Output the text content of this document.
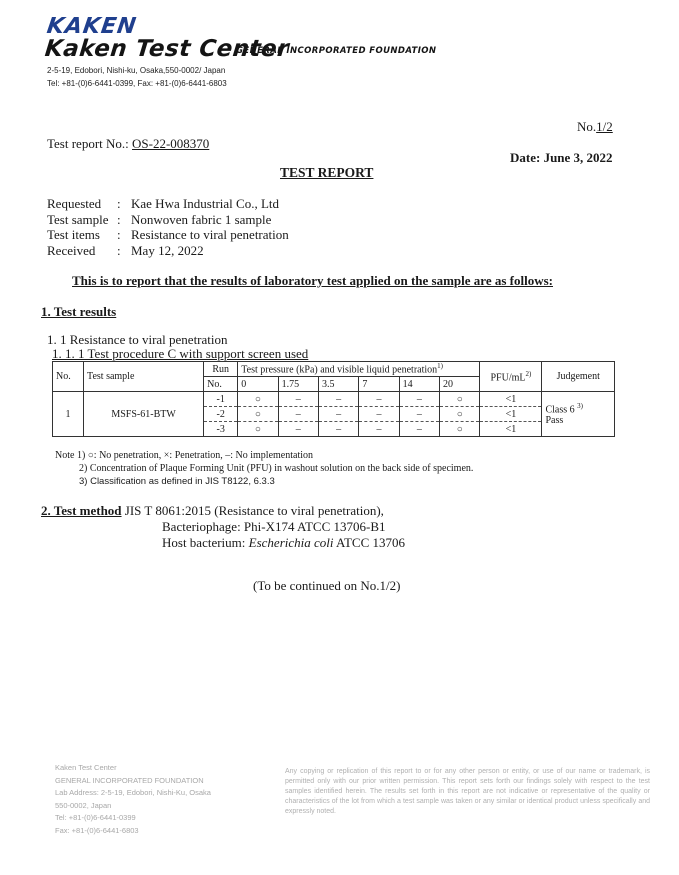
KAKEN
Kaken Test Center
GENERAL INCORPORATED FOUNDATION
2-5-19, Edobori, Nishi-ku, Osaka,550-0002/ Japan
Tel: +81-(0)6-6441-0399, Fax: +81-(0)6-6441-6803
No.1/2
Test report No.: OS-22-008370
Date: June 3, 2022
TEST REPORT
Requested	: Kae Hwa Industrial Co., Ltd
Test sample : Nonwoven fabric 1 sample
Test items	: Resistance to viral penetration
Received	: May 12, 2022
This is to report that the results of laboratory test applied on the sample are as follows:
1. Test results
1. 1 Resistance to viral penetration
1. 1. 1 Test procedure C with support screen used
No.	Test sample	Run	Test pressure (kPa) and visible liquid penetration$^{1)}$						PFU/$mL^{2)}$	Judgement
		No.	0	1.75	3.5	7	14	20		
1	MSFS-61-BTW	-1	○	–	–	–	–	○	<1	Class 6 $^{3)}$
Pass

		-2	○	–	–	–	–	○	<1	
		-3	○	–	–	–	–	○	<1	
Note 1) ○: No penetration, ×: Penetration, –: No implementation
2) Concentration of Plaque Forming Unit (PFU) in washout solution on the back side of specimen.
3) Classification as defined in JIS T8122, 6.3.3
2. Test method JIS T 8061:2015 (Resistance to viral penetration),
Bacteriophage: Phi-X174 ATCC 13706-B1
Host bacterium: Escherichia coli ATCC 13706
(To be continued on No.1/2)
Kaken Test Center
GENERAL INCORPORATED FOUNDATION
Lab Address: 2-5-19, Edobori, Nishi-Ku, Osaka
550-0002, Japan
Tel: +81-(0)6-6441-0399
Fax: +81-(0)6-6441-6803
Any copying or replication of this report to or for any other person or entity, or use of our name or trademark, is permitted only with our prior written permission. This report sets forth our findings solely with respect to the test samples identified herein. The results set forth in this report are not indicative or representative of the quality or characteristics of the lot from which a test sample was taken or any similar or identical product unless specifically and expressly noted.
